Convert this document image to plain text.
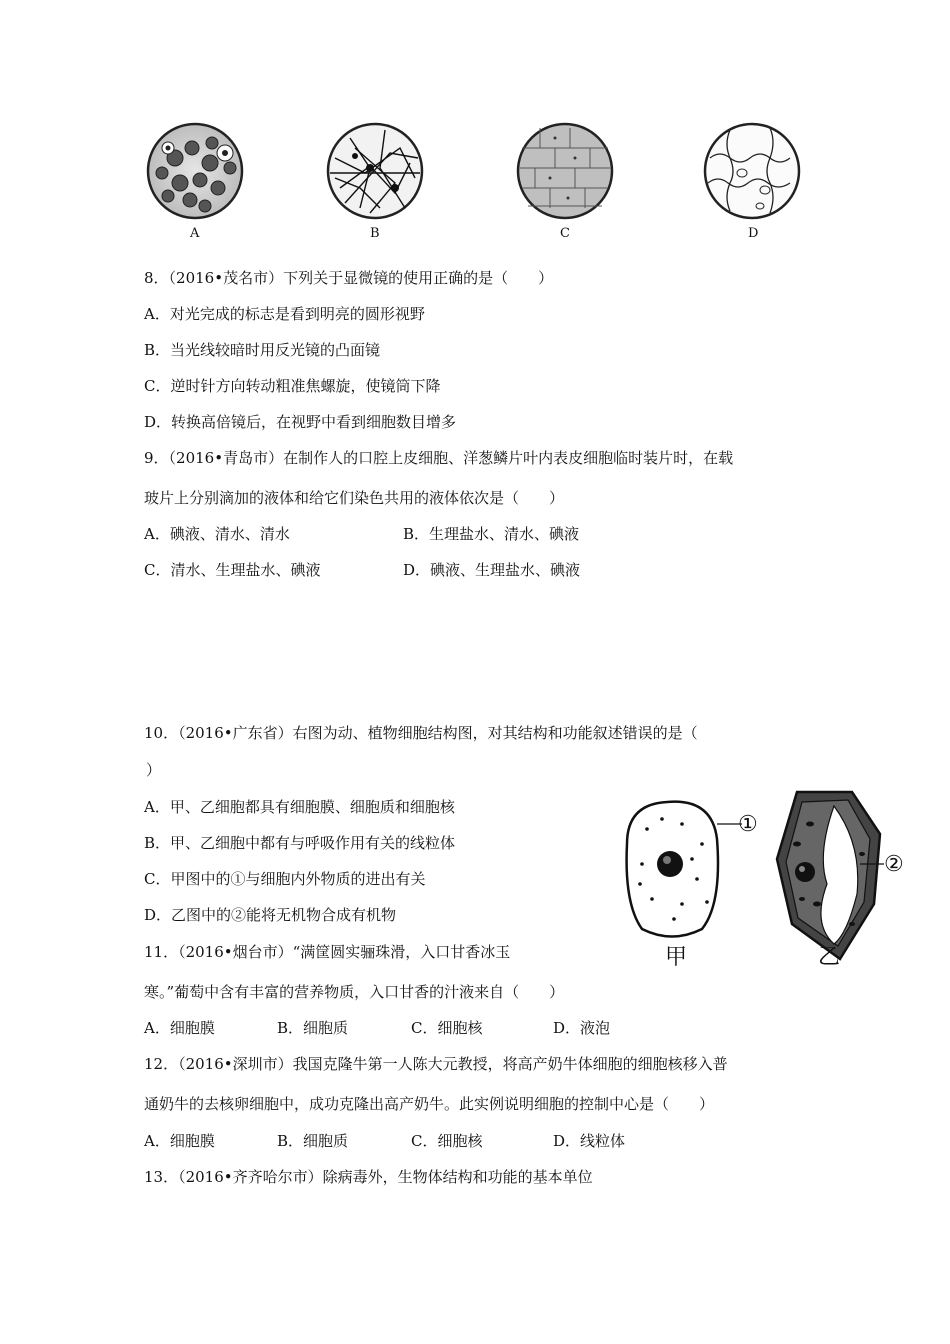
A	B	C	D
8．（2016•茂名市）下列关于显微镜的使用正确的是（　　）
A．对光完成的标志是看到明亮的圆形视野
B．当光线较暗时用反光镜的凸面镜
C．逆时针方向转动粗准焦螺旋，使镜筒下降
D．转换高倍镜后，在视野中看到细胞数目增多
9．（2016•青岛市）在制作人的口腔上皮细胞、洋葱鳞片叶内表皮细胞临时装片时，在载
玻片上分别滴加的液体和给它们染色共用的液体依次是（　　）
A．碘液、清水、清水	B．生理盐水、清水、碘液
C．清水、生理盐水、碘液	D．碘液、生理盐水、碘液
10．（2016•广东省）右图为动、植物细胞结构图，对其结构和功能叙述错误的是（
）
A．甲、乙细胞都具有细胞膜、细胞质和细胞核
B．甲、乙细胞中都有与呼吸作用有关的线粒体
C．甲图中的①与细胞内外物质的进出有关
D．乙图中的②能将无机物合成有机物
①
②
甲	乙
11．（2016•烟台市）“满筐圆实骊珠滑，入口甘香冰玉
寒。”葡萄中含有丰富的营养物质，入口甘香的汁液来自（　　）
A．细胞膜	B．细胞质	C．细胞核	D．液泡
12．（2016•深圳市）我国克隆牛第一人陈大元教授，将高产奶牛体细胞的细胞核移入普
通奶牛的去核卵细胞中，成功克隆出高产奶牛。此实例说明细胞的控制中心是（　　）
A．细胞膜	B．细胞质	C．细胞核	D．线粒体
13．（2016•齐齐哈尔市）除病毒外，生物体结构和功能的基本单位
